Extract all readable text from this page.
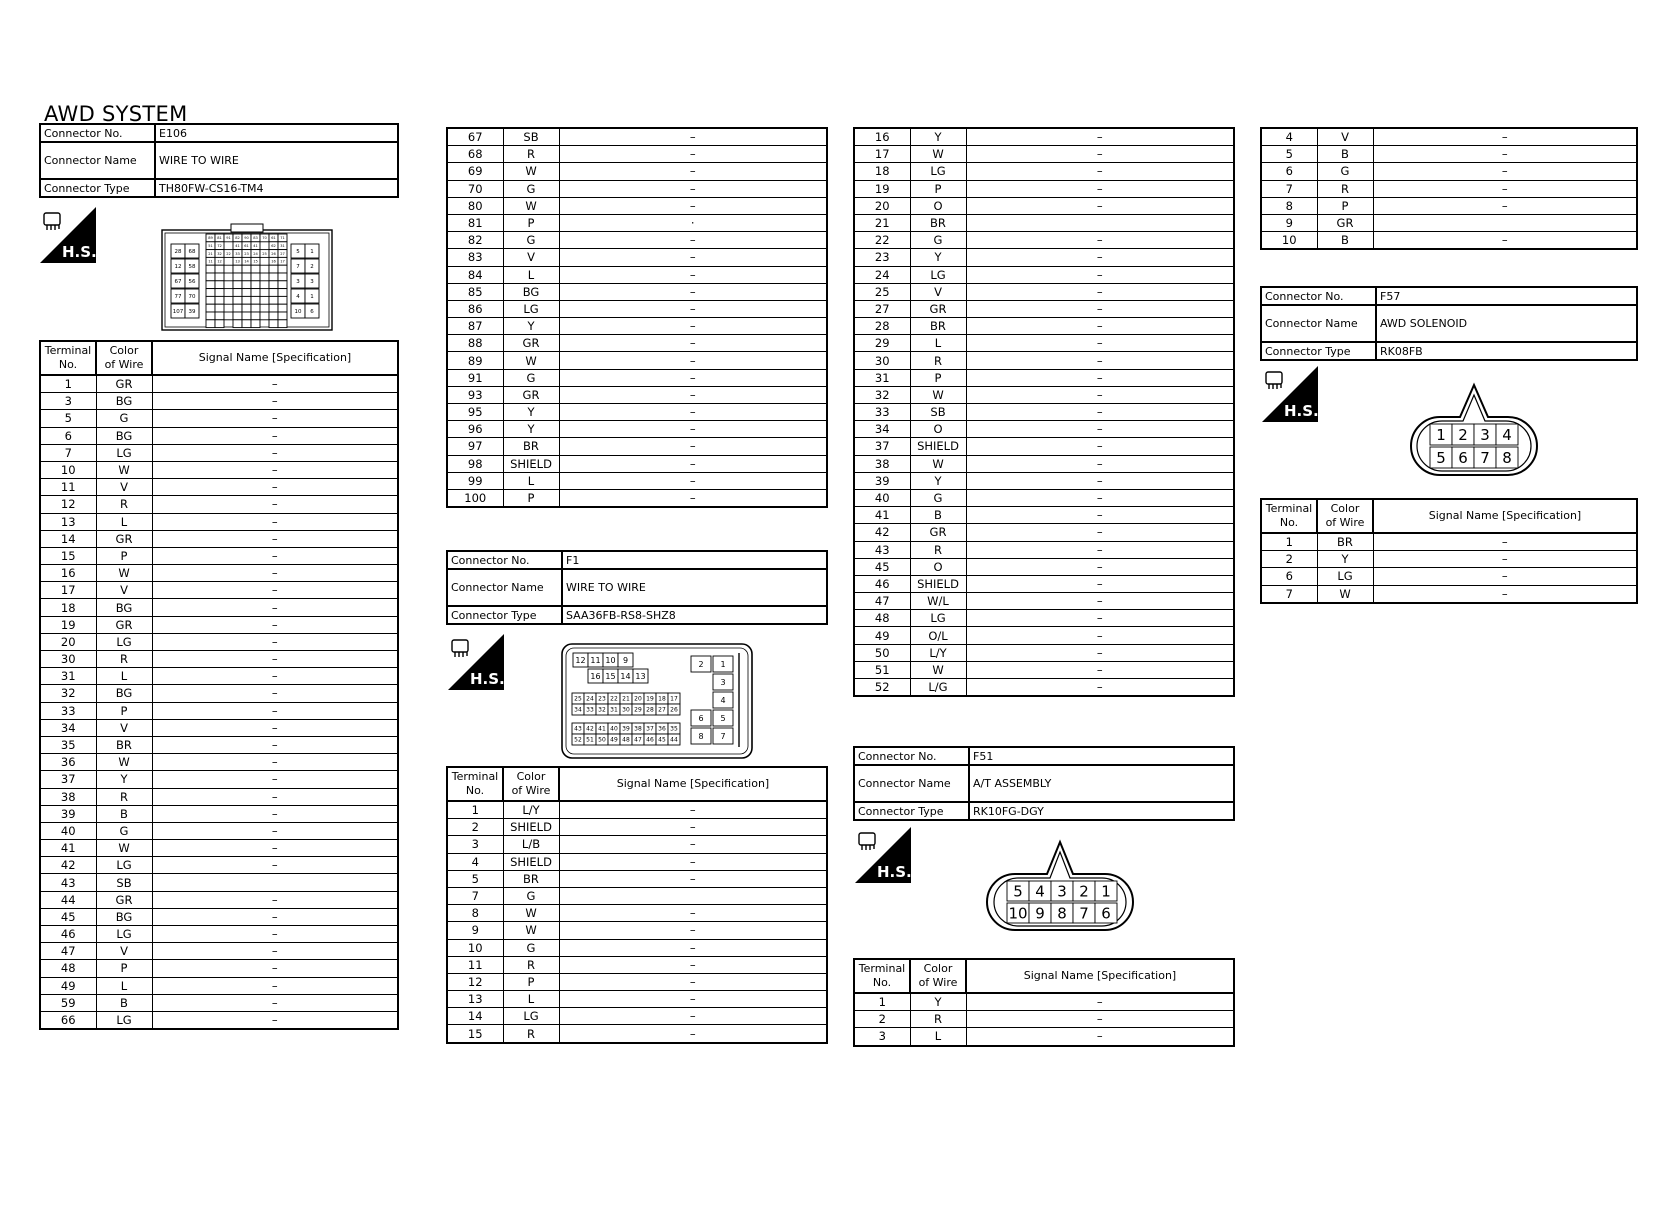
AWD SYSTEM
Connector No.	E106
Connector Name	WIRE TO WIRE
Connector Type	TH80FW-CS16-TM4
H.S.	28 68
12 58
67 56
77 70
107 39
5 1
7 2
3 3
4 1
10 6
89 81 91 82 90 83 70 61 71
51 72	41 61 41	62 31
21 32 22 33 23 24 25 26 27
11 12	13 14 15	16 17
Terminal
No.	Color
of Wire	Signal Name [Specification]
1	GR	–
3	BG	–
5	G	–
6	BG	–
7	LG	–
10	W	–
11	V	–
12	R	–
13	L	–
14	GR	–
15	P	–
16	W	–
17	V	–
18	BG	–
19	GR	–
20	LG	–
30	R	–
31	L	–
32	BG	–
33	P	–
34	V	–
35	BR	–
36	W	–
37	Y	–
38	R	–
39	B	–
40	G	–
41	W	–
42	LG	–
43	SB	
44	GR	–
45	BG	–
46	LG	–
47	V	–
48	P	–
49	L	–
59	B	–
66	LG	–
67	SB	–
68	R	–
69	W	–
70	G	–
80	W	–
81	P	·
82	G	–
83	V	–
84	L	–
85	BG	–
86	LG	–
87	Y	–
88	GR	–
89	W	–
91	G	–
93	GR	–
95	Y	–
96	Y	–
97	BR	–
98	SHIELD	–
99	L	–
100	P	–
Connector No.	F1
Connector Name	WIRE TO WIRE
Connector Type	SAA36FB-RS8-SHZ8
H.S.
12 11 10 9
16 15 14 13
25 24 23 22 21 20 19 18 17
34 33 32 31 30 29 28 27 26
43 42 41 40 39 38 37 36 35
52 51 50 49 48 47 46 45 44
2 1
3
4
6 5
8 7
Terminal
No.	Color
of Wire	Signal Name [Specification]
1	L/Y	–
2	SHIELD	–
3	L/B	–
4	SHIELD	–
5	BR	–
7	G	
8	W	–
9	W	–
10	G	–
11	R	–
12	P	–
13	L	–
14	LG	–
15	R	–
16	Y	–
17	W	–
18	LG	–
19	P	–
20	O	–
21	BR	
22	G	–
23	Y	–
24	LG	–
25	V	–
27	GR	–
28	BR	–
29	L	–
30	R	–
31	P	–
32	W	–
33	SB	–
34	O	–
37	SHIELD	–
38	W	–
39	Y	–
40	G	–
41	B	–
42	GR	–
43	R	–
45	O	–
46	SHIELD	–
47	W/L	–
48	LG	–
49	O/L	–
50	L/Y	–
51	W	–
52	L/G	–
Connector No.	F51
Connector Name	A/T ASSEMBLY
Connector Type	RK10FG-DGY
H.S.
5 4 3 2 1
10 9 8 7 6
Terminal
No.	Color
of Wire	Signal Name [Specification]
1	Y	–
2	R	–
3	L	–
4	V	–
5	B	–
6	G	–
7	R	–
8	P	–
9	GR	
10	B	–
Connector No.	F57
Connector Name	AWD SOLENOID
Connector Type	RK08FB
H.S.
1 2 3 4
5 6 7 8
Terminal
No.	Color
of Wire	Signal Name [Specification]
1	BR	–
2	Y	–
6	LG	–
7	W	–
